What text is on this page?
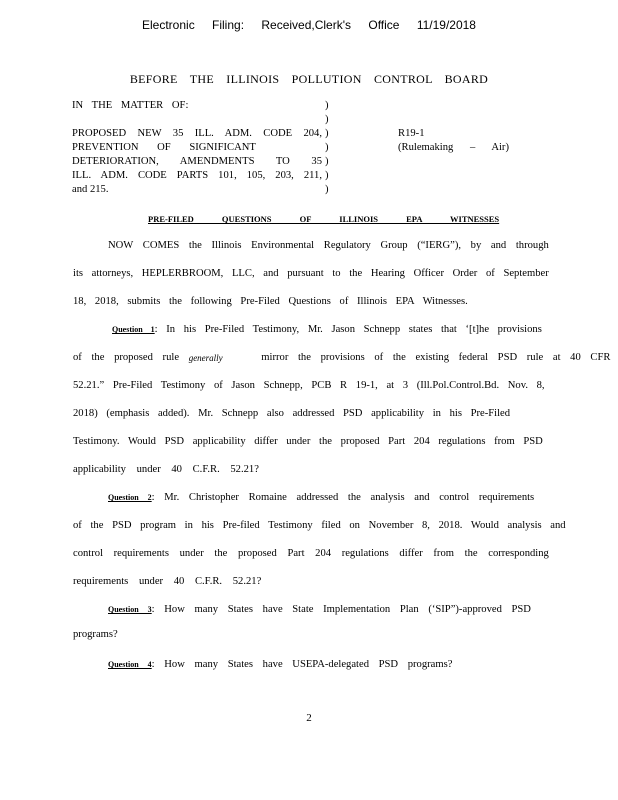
Electronic Filing: Received,Clerk's Office 11/19/2018
BEFORE THE ILLINOIS POLLUTION CONTROL BOARD
IN THE MATTER OF:
PROPOSED NEW 35 ILL. ADM. CODE 204,
PREVENTION OF SIGNIFICANT
DETERIORATION, AMENDMENTS TO 35
ILL. ADM. CODE PARTS 101, 105, 203, 211,
and 215.
)
)
)
)
)
)
)
R19-1
(Rulemaking – Air)
PRE-FILED QUESTIONS OF ILLINOIS EPA WITNESSES
NOW COMES the Illinois Environmental Regulatory Group (“IERG”), by and through
its attorneys, HEPLERBROOM, LLC, and pursuant to the Hearing Officer Order of September
18, 2018, submits the following Pre-Filed Questions of Illinois EPA Witnesses.
Question 1 : In his Pre-Filed Testimony, Mr. Jason Schnepp states that ‘[t]he provisions
of the proposed rule
generally
	mirror the provisions of the existing federal PSD rule at 40 CFR
52.21.” Pre-Filed Testimony of Jason Schnepp, PCB R 19-1, at 3 (Ill.Pol.Control.Bd. Nov. 8,
2018) (emphasis added). Mr. Schnepp also addressed PSD applicability in his Pre-Filed
Testimony. Would PSD applicability differ under the proposed Part 204 regulations from PSD
applicability under 40 C.F.R. 52.21?
Question 2 : Mr. Christopher Romaine addressed the analysis and control requirements
of the PSD program in his Pre-filed Testimony filed on November 8, 2018. Would analysis and
control requirements under the proposed Part 204 regulations differ from the corresponding
requirements under 40 C.F.R. 52.21?
Question 3 : How many States have State Implementation Plan (‘SIP”)-approved PSD
programs?
Question 4 : How many States have USEPA-delegated PSD programs?
2
